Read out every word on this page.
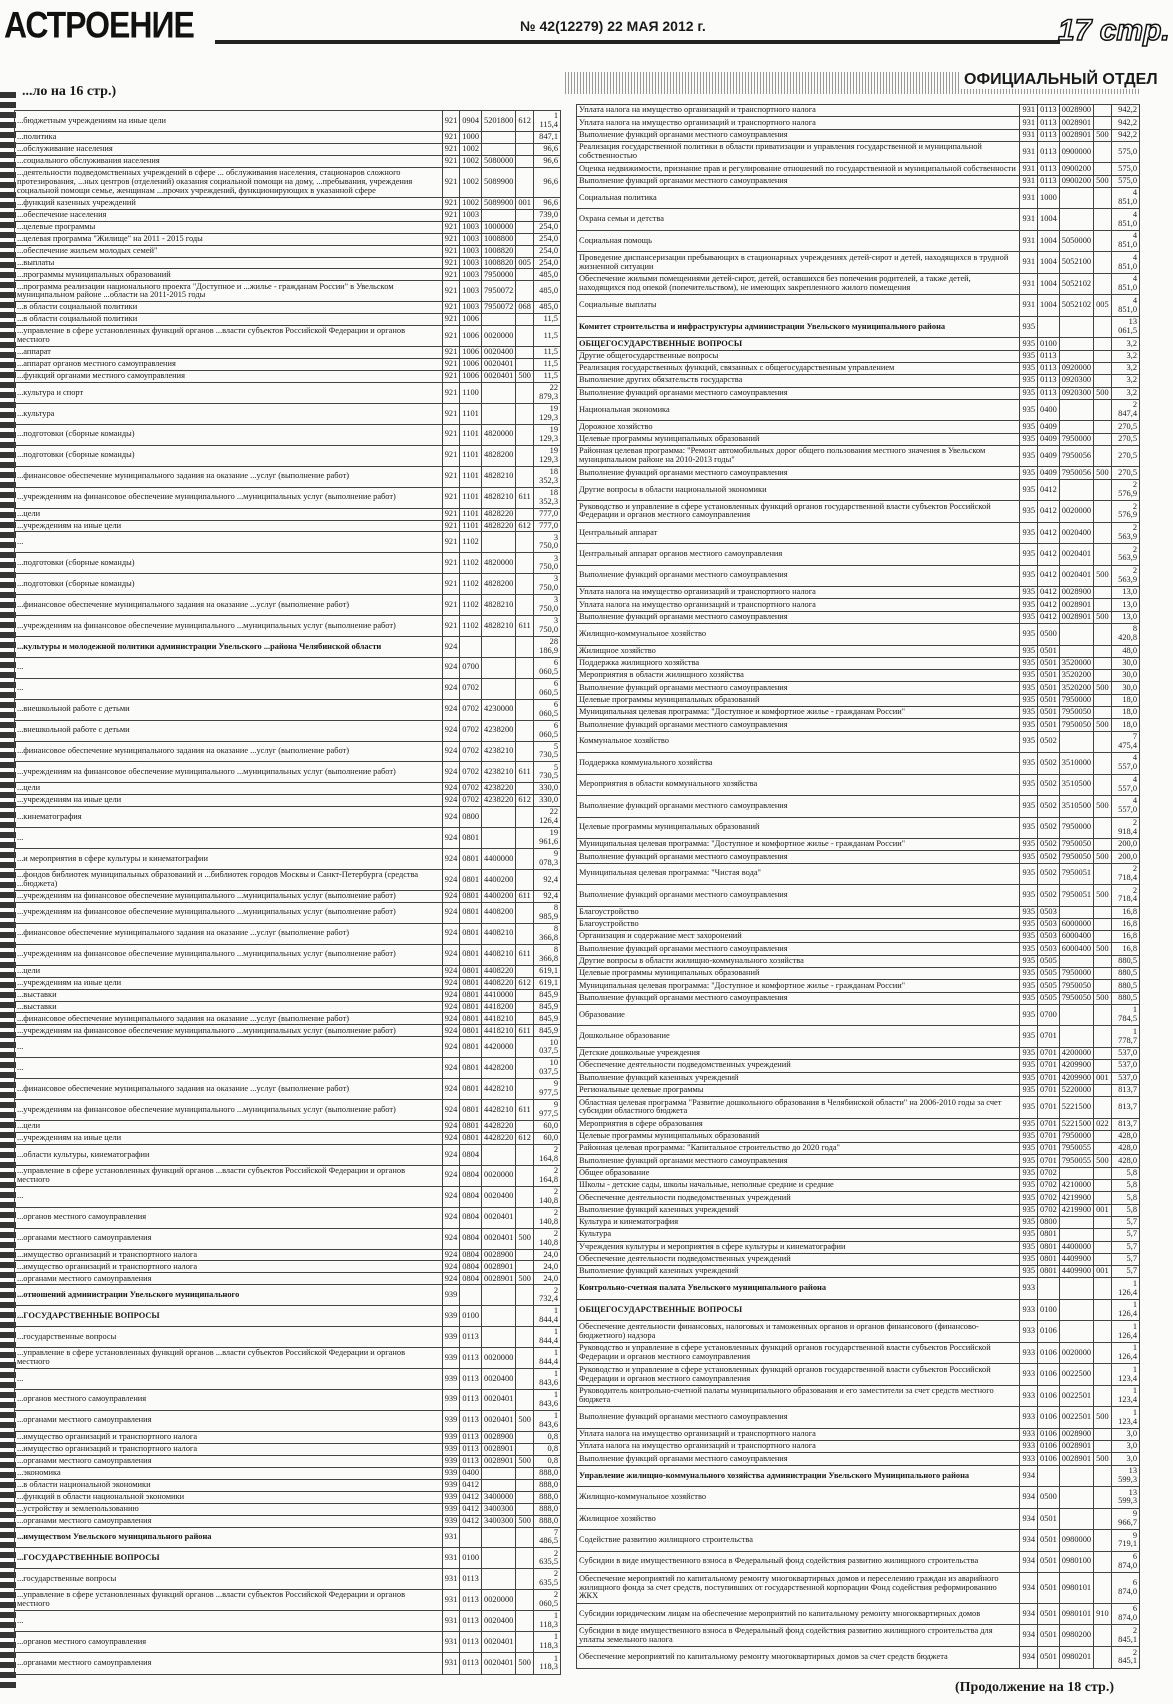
АСТРОЕНИЕ	№ 42(12279) 22 МАЯ 2012 г.	17 стр.
ОФИЦИАЛЬНЫЙ ОТДЕЛ
...ло на 16 стр.)
...бюджетным учреждениям на иные цели	921	0904	5201800	612	1 115,4
...политика	921	1000			847,1
...обслуживание населения	921	1002			96,6
...социального обслуживания населения	921	1002	5080000		96,6
...деятельности подведомственных учреждений в сфере ... обслуживания населения, стационаров сложного протезирования, ...ных центров (отделений) оказания социальной помощи на дому, ...пребывания, учреждения социальной помощи семье, женщинам ...прочих учреждений, функционирующих в указанной сфере	921	1002	5089900		96,6
...функций казенных учреждений	921	1002	5089900	001	96,6
...обеспечение населения	921	1003			739,0
...целевые программы	921	1003	1000000		254,0
...целевая программа "Жилище" на 2011 - 2015 годы	921	1003	1008800		254,0
...обеспечение жильем молодых семей"	921	1003	1008820		254,0
...выплаты	921	1003	1008820	005	254,0
...программы муниципальных образований	921	1003	7950000		485,0
...программа реализации национального проекта "Доступное и ...жилье - гражданам России" в Увельском муниципальном районе ...области на 2011-2015 годы	921	1003	7950072		485,0
...в области социальной политики	921	1003	7950072	068	485,0
...в области социальной политики	921	1006			11,5
...управление в сфере установленных функций органов ...власти субъектов Российской Федерации и органов местного	921	1006	0020000		11,5
...аппарат	921	1006	0020400		11,5
...аппарат органов местного самоуправления	921	1006	0020401		11,5
...функций органами местного самоуправления	921	1006	0020401	500	11,5
...культура и спорт	921	1100			22 879,3
...культура	921	1101			19 129,3
...подготовки (сборные команды)	921	1101	4820000		19 129,3
...подготовки (сборные команды)	921	1101	4828200		19 129,3
...финансовое обеспечение муниципального задания на оказание ...услуг (выполнение работ)	921	1101	4828210		18 352,3
...учреждениям на финансовое обеспечение муниципального ...муниципальных услуг (выполнение работ)	921	1101	4828210	611	18 352,3
...цели	921	1101	4828220		777,0
...учреждениям на иные цели	921	1101	4828220	612	777,0
...	921	1102			3 750,0
...подготовки (сборные команды)	921	1102	4820000		3 750,0
...подготовки (сборные команды)	921	1102	4828200		3 750,0
...финансовое обеспечение муниципального задания на оказание ...услуг (выполнение работ)	921	1102	4828210		3 750,0
...учреждениям на финансовое обеспечение муниципального ...муниципальных услуг (выполнение работ)	921	1102	4828210	611	3 750,0
...культуры и молодежной политики администрации Увельского ...района Челябинской области	924				28 186,9
...	924	0700			6 060,5
...	924	0702			6 060,5
...внешкольной работе с детьми	924	0702	4230000		6 060,5
...внешкольной работе с детьми	924	0702	4238200		6 060,5
...финансовое обеспечение муниципального задания на оказание ...услуг (выполнение работ)	924	0702	4238210		5 730,5
...учреждениям на финансовое обеспечение муниципального ...муниципальных услуг (выполнение работ)	924	0702	4238210	611	5 730,5
...цели	924	0702	4238220		330,0
...учреждениям на иные цели	924	0702	4238220	612	330,0
...кинематография	924	0800			22 126,4
...	924	0801			19 961,6
...и мероприятия в сфере культуры и кинематографии	924	0801	4400000		9 078,3
...фондов библиотек муниципальных образований и ...библиотек городов Москвы и Санкт-Петербурга (средства ...бюджета)	924	0801	4400200		92,4
...учреждениям на финансовое обеспечение муниципального ...муниципальных услуг (выполнение работ)	924	0801	4400200	611	92,4
...учреждениям на финансовое обеспечение муниципального ...муниципальных услуг (выполнение работ)	924	0801	4408200		8 985,9
...финансовое обеспечение муниципального задания на оказание ...услуг (выполнение работ)	924	0801	4408210		8 366,8
...учреждениям на финансовое обеспечение муниципального ...муниципальных услуг (выполнение работ)	924	0801	4408210	611	8 366,8
...цели	924	0801	4408220		619,1
...учреждениям на иные цели	924	0801	4408220	612	619,1
...выставки	924	0801	4410000		845,9
...выставки	924	0801	4418200		845,9
...финансовое обеспечение муниципального задания на оказание ...услуг (выполнение работ)	924	0801	4418210		845,9
...учреждениям на финансовое обеспечение муниципального ...муниципальных услуг (выполнение работ)	924	0801	4418210	611	845,9
...	924	0801	4420000		10 037,5
...	924	0801	4428200		10 037,5
...финансовое обеспечение муниципального задания на оказание ...услуг (выполнение работ)	924	0801	4428210		9 977,5
...учреждениям на финансовое обеспечение муниципального ...муниципальных услуг (выполнение работ)	924	0801	4428210	611	9 977,5
...цели	924	0801	4428220		60,0
...учреждениям на иные цели	924	0801	4428220	612	60,0
...области культуры, кинематографии	924	0804			2 164,8
...управление в сфере установленных функций органов ...власти субъектов Российской Федерации и органов местного	924	0804	0020000		2 164,8
...	924	0804	0020400		2 140,8
...органов местного самоуправления	924	0804	0020401		2 140,8
...органами местного самоуправления	924	0804	0020401	500	2 140,8
...имущество организаций и транспортного налога	924	0804	0028900		24,0
...имущество организаций и транспортного налога	924	0804	0028901		24,0
...органами местного самоуправления	924	0804	0028901	500	24,0
...отношений администрации Увельского муниципального	939				2 732,4
...ГОСУДАРСТВЕННЫЕ ВОПРОСЫ	939	0100			1 844,4
...государственные вопросы	939	0113			1 844,4
...управление в сфере установленных функций органов ...власти субъектов Российской Федерации и органов местного	939	0113	0020000		1 844,4
...	939	0113	0020400		1 843,6
...органов местного самоуправления	939	0113	0020401		1 843,6
...органами местного самоуправления	939	0113	0020401	500	1 843,6
...имущество организаций и транспортного налога	939	0113	0028900		0,8
...имущество организаций и транспортного налога	939	0113	0028901		0,8
...органами местного самоуправления	939	0113	0028901	500	0,8
...экономика	939	0400			888,0
...в области национальной экономики	939	0412			888,0
...функций в области национальной экономики	939	0412	3400000		888,0
...устройству и землепользованию	939	0412	3400300		888,0
...органами местного самоуправления	939	0412	3400300	500	888,0
...имуществом Увельского муниципального района	931				7 486,5
...ГОСУДАРСТВЕННЫЕ ВОПРОСЫ	931	0100			2 635,5
...государственные вопросы	931	0113			2 635,5
...управление в сфере установленных функций органов ...власти субъектов Российской Федерации и органов местного	931	0113	0020000		2 060,5
...	931	0113	0020400		1 118,3
...органов местного самоуправления	931	0113	0020401		1 118,3
...органами местного самоуправления	931	0113	0020401	500	1 118,3
Уплата налога на имущество организаций и транспортного налога	931	0113	0028900		942,2
Уплата налога на имущество организаций и транспортного налога	931	0113	0028901		942,2
Выполнение функций органами местного самоуправления	931	0113	0028901	500	942,2
Реализация государственной политики в области приватизации и управления государственной и муниципальной собственностью	931	0113	0900000		575,0
Оценка недвижимости, признание прав и регулирование отношений по государственной и муниципальной собственности	931	0113	0900200		575,0
Выполнение функций органами местного самоуправления	931	0113	0900200	500	575,0
Социальная политика	931	1000			4 851,0
Охрана семьи и детства	931	1004			4 851,0
Социальная помощь	931	1004	5050000		4 851,0
Проведение диспансеризации пребывающих в стационарных учреждениях детей-сирот и детей, находящихся в трудной жизненной ситуации	931	1004	5052100		4 851,0
Обеспечение жилыми помещениями детей-сирот, детей, оставшихся без попечения родителей, а также детей, находящихся под опекой (попечительством), не имеющих закрепленного жилого помещения	931	1004	5052102		4 851,0
Социальные выплаты	931	1004	5052102	005	4 851,0
Комитет строительства и инфраструктуры администрации Увельского муниципального района	935				13 061,5
ОБЩЕГОСУДАРСТВЕННЫЕ ВОПРОСЫ	935	0100			3,2
Другие общегосударственные вопросы	935	0113			3,2
Реализация государственных функций, связанных с общегосударственным управлением	935	0113	0920000		3,2
Выполнение других обязательств государства	935	0113	0920300		3,2
Выполнение функций органами местного самоуправления	935	0113	0920300	500	3,2
Национальная экономика	935	0400			2 847,4
Дорожное хозяйство	935	0409			270,5
Целевые программы муниципальных образований	935	0409	7950000		270,5
Районная целевая программа: "Ремонт автомобильных дорог общего пользования местного значения в Увельском муниципальном районе на 2010-2013 годы"	935	0409	7950056		270,5
Выполнение функций органами местного самоуправления	935	0409	7950056	500	270,5
Другие вопросы в области национальной экономики	935	0412			2 576,9
Руководство и управление в сфере установленных функций органов государственной власти субъектов Российской Федерации и органов местного самоуправления	935	0412	0020000		2 576,9
Центральный аппарат	935	0412	0020400		2 563,9
Центральный аппарат органов местного самоуправления	935	0412	0020401		2 563,9
Выполнение функций органами местного самоуправления	935	0412	0020401	500	2 563,9
Уплата налога на имущество организаций и транспортного налога	935	0412	0028900		13,0
Уплата налога на имущество организаций и транспортного налога	935	0412	0028901		13,0
Выполнение функций органами местного самоуправления	935	0412	0028901	500	13,0
Жилищно-коммунальное хозяйство	935	0500			8 420,8
Жилищное хозяйство	935	0501			48,0
Поддержка жилищного хозяйства	935	0501	3520000		30,0
Мероприятия в области жилищного хозяйства	935	0501	3520200		30,0
Выполнение функций органами местного самоуправления	935	0501	3520200	500	30,0
Целевые программы муниципальных образований	935	0501	7950000		18,0
Муниципальная целевая программа: "Доступное и комфортное жилье - гражданам России"	935	0501	7950050		18,0
Выполнение функций органами местного самоуправления	935	0501	7950050	500	18,0
Коммунальное хозяйство	935	0502			7 475,4
Поддержка коммунального хозяйства	935	0502	3510000		4 557,0
Мероприятия в области коммунального хозяйства	935	0502	3510500		4 557,0
Выполнение функций органами местного самоуправления	935	0502	3510500	500	4 557,0
Целевые программы муниципальных образований	935	0502	7950000		2 918,4
Муниципальная целевая программа: "Доступное и комфортное жилье - гражданам России"	935	0502	7950050		200,0
Выполнение функций органами местного самоуправления	935	0502	7950050	500	200,0
Муниципальная целевая программа: "Чистая вода"	935	0502	7950051		2 718,4
Выполнение функций органами местного самоуправления	935	0502	7950051	500	2 718,4
Благоустройство	935	0503			16,8
Благоустройство	935	0503	6000000		16,8
Организация и содержание мест захоронений	935	0503	6000400		16,8
Выполнение функций органами местного самоуправления	935	0503	6000400	500	16,8
Другие вопросы в области жилищно-коммунального хозяйства	935	0505			880,5
Целевые программы муниципальных образований	935	0505	7950000		880,5
Муниципальная целевая программа: "Доступное и комфортное жилье - гражданам России"	935	0505	7950050		880,5
Выполнение функций органами местного самоуправления	935	0505	7950050	500	880,5
Образование	935	0700			1 784,5
Дошкольное образование	935	0701			1 778,7
Детские дошкольные учреждения	935	0701	4200000		537,0
Обеспечение деятельности подведомственных учреждений	935	0701	4209900		537,0
Выполнение функций казенных учреждений	935	0701	4209900	001	537,0
Региональные целевые программы	935	0701	5220000		813,7
Областная целевая программа "Развитие дошкольного образования в Челябинской области" на 2006-2010 годы за счет субсидии областного бюджета	935	0701	5221500		813,7
Мероприятия в сфере образования	935	0701	5221500	022	813,7
Целевые программы муниципальных образований	935	0701	7950000		428,0
Районная целевая программа: "Капитальное строительство до 2020 года"	935	0701	7950055		428,0
Выполнение функций органами местного самоуправления	935	0701	7950055	500	428,0
Общее образование	935	0702			5,8
Школы - детские сады, школы начальные, неполные средние и средние	935	0702	4210000		5,8
Обеспечение деятельности подведомственных учреждений	935	0702	4219900		5,8
Выполнение функций казенных учреждений	935	0702	4219900	001	5,8
Культура и кинематография	935	0800			5,7
Культура	935	0801			5,7
Учреждения культуры и мероприятия в сфере культуры и кинематографии	935	0801	4400000		5,7
Обеспечение деятельности подведомственных учреждений	935	0801	4409900		5,7
Выполнение функций казенных учреждений	935	0801	4409900	001	5,7
Контрольно-счетная палата Увельского муниципального района	933				1 126,4
ОБЩЕГОСУДАРСТВЕННЫЕ ВОПРОСЫ	933	0100			1 126,4
Обеспечение деятельности финансовых, налоговых и таможенных органов и органов финансового (финансово-бюджетного) надзора	933	0106			1 126,4
Руководство и управление в сфере установленных функций органов государственной власти субъектов Российской Федерации и органов местного самоуправления	933	0106	0020000		1 126,4
Руководство и управление в сфере установленных функций органов государственной власти субъектов Российской Федерации и органов местного самоуправления	933	0106	0022500		1 123,4
Руководитель контрольно-счетной палаты муниципального образования и его заместители за счет средств местного бюджета	933	0106	0022501		1 123,4
Выполнение функций органами местного самоуправления	933	0106	0022501	500	1 123,4
Уплата налога на имущество организаций и транспортного налога	933	0106	0028900		3,0
Уплата налога на имущество организаций и транспортного налога	933	0106	0028901		3,0
Выполнение функций органами местного самоуправления	933	0106	0028901	500	3,0
Управление жилищно-коммунального хозяйства администрации Увельского Муниципального района	934				13 599,3
Жилищно-коммунальное хозяйство	934	0500			13 599,3
Жилищное хозяйство	934	0501			9 966,7
Содействие развитию жилищного строительства	934	0501	0980000		9 719,1
Субсидии в виде имущественного взноса в Федеральный фонд содействия развитию жилищного строительства	934	0501	0980100		6 874,0
Обеспечение мероприятий по капитальному ремонту многоквартирных домов и переселению граждан из аварийного жилищного фонда за счет средств, поступивших от государственной корпорации Фонд содействия реформированию ЖКХ	934	0501	0980101		6 874,0
Субсидии юридическим лицам на обеспечение мероприятий по капитальному ремонту многоквартирных домов	934	0501	0980101	910	6 874,0
Субсидии в виде имущественного взноса в Федеральный фонд содействия развитию жилищного строительства для уплаты земельного налога	934	0501	0980200		2 845,1
Обеспечение мероприятий по капитальному ремонту многоквартирных домов за счет средств бюджета	934	0501	0980201		2 845,1
(Продолжение на 18 стр.)
